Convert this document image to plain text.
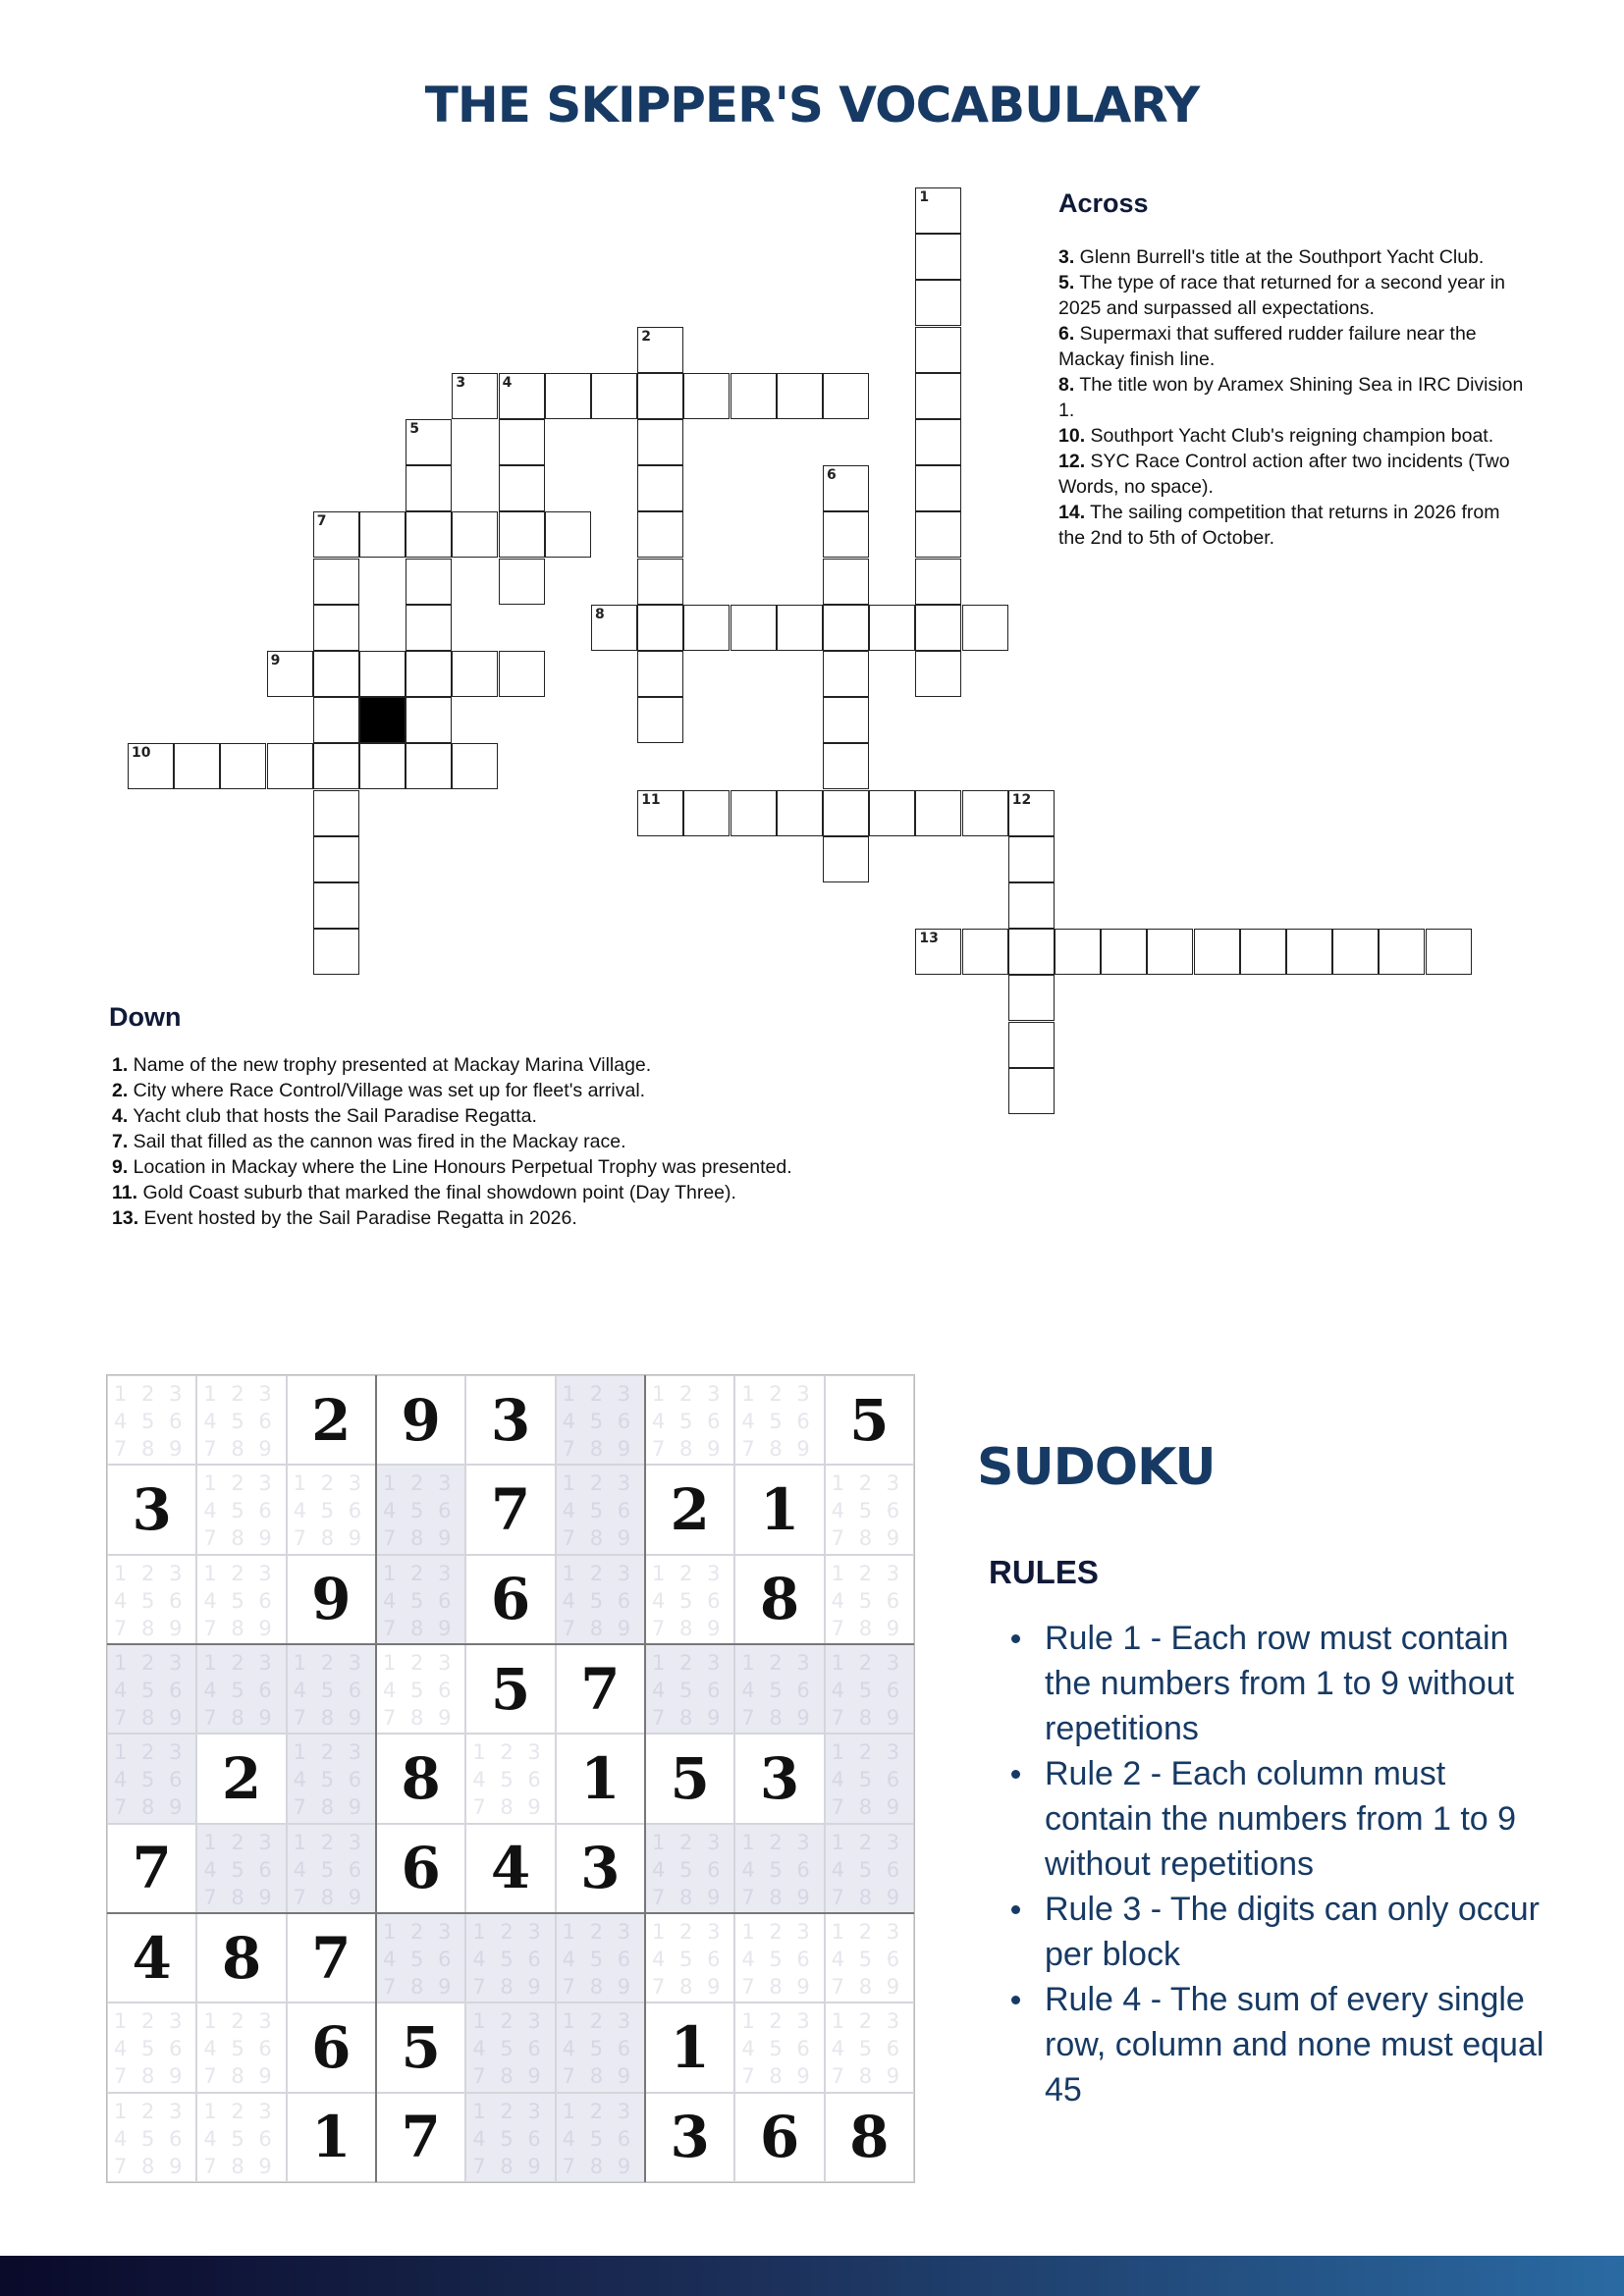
THE SKIPPER'S VOCABULARY
1
2
3	4
5
6
7
8
9
10
11	12
13
Across

3. Glenn Burrell's title at the Southport Yacht Club.

5. The type of race that returned for a second year in 2025 and surpassed all expectations.

6. Supermaxi that suffered rudder failure near the Mackay finish line.

8. The title won by Aramex Shining Sea in IRC Division 1.

10. Southport Yacht Club's reigning champion boat.

12. SYC Race Control action after two incidents (Two Words, no space).

14. The sailing competition that returns in 2026 from the 2nd to 5th of October.

Down

1. Name of the new trophy presented at Mackay Marina Village.

2. City where Race Control/Village was set up for fleet's arrival.

4. Yacht club that hosts the Sail Paradise Regatta.

7. Sail that filled as the cannon was fired in the Mackay race.

9. Location in Mackay where the Line Honours Perpetual Trophy was presented.

11. Gold Coast suburb that marked the final showdown point (Day Three).

13. Event hosted by the Sail Paradise Regatta in 2026.

1 2 3
4 5 6
7 8 9
1 2 3
4 5 6
7 8 9 2 9 3 1 2 3
4 5 6
7 8 9
1 2 3
4 5 6
7 8 9
1 2 3
4 5 6
7 8 9 5
3 1 2 3
4 5 6
7 8 9
1 2 3
4 5 6
7 8 9
1 2 3
4 5 6
7 8 9 7 1 2 3
4 5 6
7 8 9 2 1 1 2 3
4 5 6
7 8 9
1 2 3
4 5 6
7 8 9
1 2 3
4 5 6
7 8 9 9 1 2 3
4 5 6
7 8 9 6 1 2 3
4 5 6
7 8 9
1 2 3
4 5 6
7 8 9 8 1 2 3
4 5 6
7 8 9
1 2 3
4 5 6
7 8 9
1 2 3
4 5 6
7 8 9
1 2 3
4 5 6
7 8 9
1 2 3
4 5 6
7 8 9 5 7 1 2 3
4 5 6
7 8 9
1 2 3
4 5 6
7 8 9
1 2 3
4 5 6
7 8 9
1 2 3
4 5 6
7 8 9 2 1 2 3
4 5 6
7 8 9 8 1 2 3
4 5 6
7 8 9 1 5 3 1 2 3
4 5 6
7 8 9
7 1 2 3
4 5 6
7 8 9
1 2 3
4 5 6
7 8 9 6 4 3 1 2 3
4 5 6
7 8 9
1 2 3
4 5 6
7 8 9
1 2 3
4 5 6
7 8 9
4 8 7 1 2 3
4 5 6
7 8 9
1 2 3
4 5 6
7 8 9
1 2 3
4 5 6
7 8 9
1 2 3
4 5 6
7 8 9
1 2 3
4 5 6
7 8 9
1 2 3
4 5 6
7 8 9
1 2 3
4 5 6
7 8 9
1 2 3
4 5 6
7 8 9 6 5 1 2 3
4 5 6
7 8 9
1 2 3
4 5 6
7 8 9 1 1 2 3
4 5 6
7 8 9
1 2 3
4 5 6
7 8 9
1 2 3
4 5 6
7 8 9
1 2 3
4 5 6
7 8 9 1 7 1 2 3
4 5 6
7 8 9
1 2 3
4 5 6
7 8 9 3 6 8
SUDOKU
RULES
Rule 1 - Each row must contain the numbers from 1 to 9 without repetitions
Rule 2 - Each column must contain the numbers from 1 to 9 without repetitions
Rule 3 - The digits can only occur per block
Rule 4 - The sum of every single row, column and none must equal 45
